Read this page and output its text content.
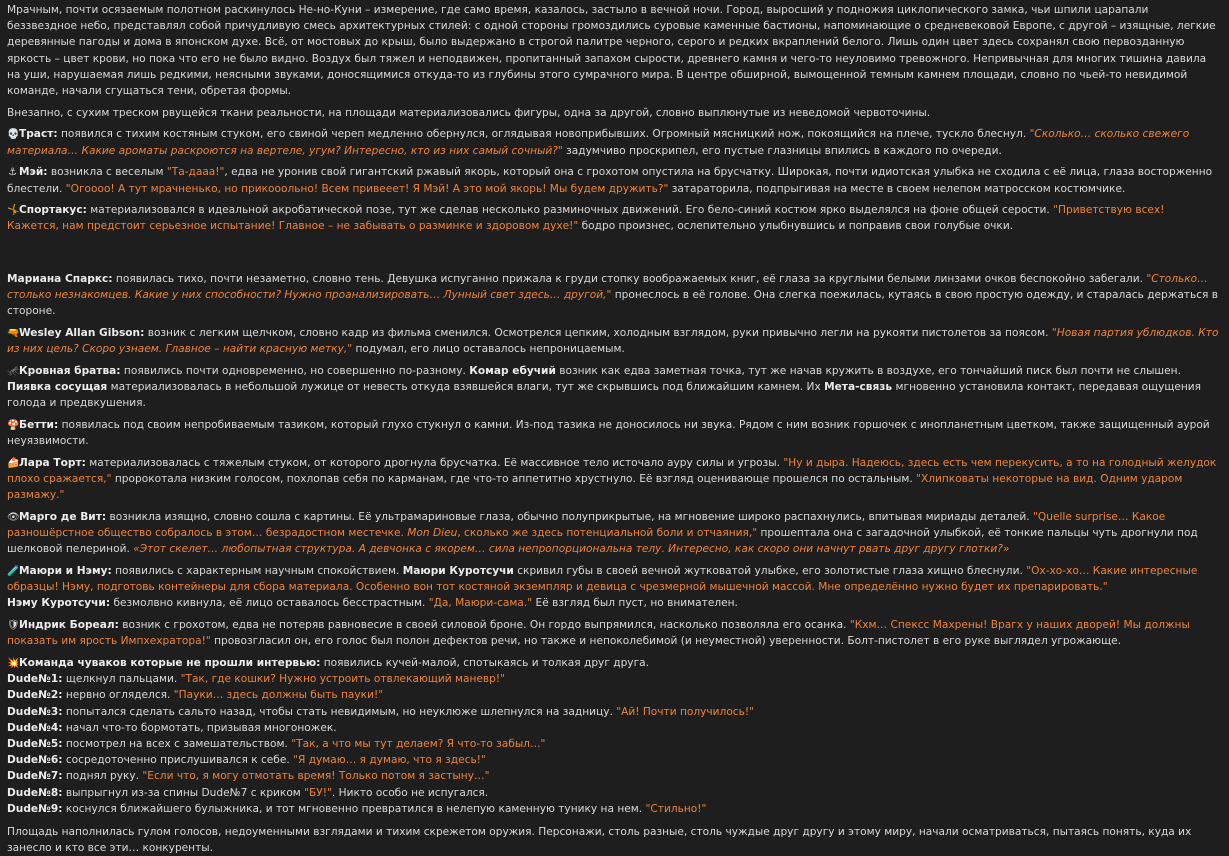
Мрачным, почти осязаемым полотном раскинулось Не-но-Куни – измерение, где само время, казалось, застыло в вечной ночи. Город, выросший у подножия циклопического замка, чьи шпили царапали беззвездное небо, представлял собой причудливую смесь архитектурных стилей: с одной стороны громоздились суровые каменные бастионы, напоминающие о средневековой Европе, с другой – изящные, легкие деревянные пагоды и дома в японском духе. Всё, от мостовых до крыш, было выдержано в строгой палитре черного, серого и редких вкраплений белого. Лишь один цвет здесь сохранял свою первозданную яркость – цвет крови, но пока что его не было видно. Воздух был тяжел и неподвижен, пропитанный запахом сырости, древнего камня и чего-то неуловимо тревожного. Непривычная для многих тишина давила на уши, нарушаемая лишь редкими, неясными звуками, доносящимися откуда-то из глубины этого сумрачного мира. В центре обширной, вымощенной темным камнем площади, словно по чьей-то невидимой команде, начали сгущаться тени, обретая формы.

Внезапно, с сухим треском рвущейся ткани реальности, на площади материализовались фигуры, одна за другой, словно выплюнутые из неведомой червоточины.

💀Траст: появился с тихим костяным стуком, его свиной череп медленно обернулся, оглядывая новоприбывших. Огромный мясницкий нож, покоящийся на плече, тускло блеснул. "Сколько… сколько свежего материала… Какие ароматы раскроются на вертеле, угум? Интересно, кто из них самый сочный?" задумчиво проскрипел, его пустые глазницы впились в каждого по очереди.

⚓ Мэй: возникла с веселым "Та-дааа!", едва не уронив свой гигантский ржавый якорь, который она с грохотом опустила на брусчатку. Широкая, почти идиотская улыбка не сходила с её лица, глаза восторженно блестели. "Огоооо! А тут мрачненько, но прикоoольно! Всем привееет! Я Мэй! А это мой якорь! Мы будем дружить?" затараторила, подпрыгивая на месте в своем нелепом матросском костюмчике.

🤸Спортакус: материализовался в идеальной акробатической позе, тут же сделав несколько разминочных движений. Его бело-синий костюм ярко выделялся на фоне общей серости. "Приветствую всех! Кажется, нам предстоит серьезное испытание! Главное – не забывать о разминке и здоровом духе!" бодро произнес, ослепительно улыбнувшись и поправив свои голубые очки.

Мариана Спаркс: появилась тихо, почти незаметно, словно тень. Девушка испуганно прижала к груди стопку воображаемых книг, её глаза за круглыми белыми линзами очков беспокойно забегали. "Столько… столько незнакомцев. Какие у них способности? Нужно проанализировать… Лунный свет здесь… другой," пронеслось в её голове. Она слегка поежилась, кутаясь в свою простую одежду, и старалась держаться в стороне.

🔫Wesley Allan Gibson: возник с легким щелчком, словно кадр из фильма сменился. Осмотрелся цепким, холодным взглядом, руки привычно легли на рукояти пистолетов за поясом. "Новая партия ублюдков. Кто из них цель? Скоро узнаем. Главное – найти красную метку," подумал, его лицо оставалось непроницаемым.

🦟Кровная братва: появились почти одновременно, но совершенно по-разному. Комар ебучий возник как едва заметная точка, тут же начав кружить в воздухе, его тончайший писк был почти не слышен. Пиявка сосущая материализовалась в небольшой лужице от невесть откуда взявшейся влаги, тут же скрывшись под ближайшим камнем. Их Мета-связь мгновенно установила контакт, передавая ощущения голода и предвкушения.

🍄Бетти: появилась под своим непробиваемым тазиком, который глухо стукнул о камни. Из-под тазика не доносилось ни звука. Рядом с ним возник горшочек с инопланетным цветком, также защищенный аурой неуязвимости.

🍰Лара Торт: материализовалась с тяжелым стуком, от которого дрогнула брусчатка. Её массивное тело источало ауру силы и угрозы. "Ну и дыра. Надеюсь, здесь есть чем перекусить, а то на голодный желудок плохо сражается," пророкотала низким голосом, похлопав себя по карманам, где что-то аппетитно хрустнуло. Её взгляд оценивающе прошелся по остальным. "Хлипковаты некоторые на вид. Одним ударом размажу."

👁Марго де Вит: возникла изящно, словно сошла с картины. Её ультрамариновые глаза, обычно полуприкрытые, на мгновение широко распахнулись, впитывая мириады деталей. "Quelle surprise… Какое разношёрстное общество собралось в этом… безрадостном местечке. Mon Dieu, сколько же здесь потенциальной боли и отчаяния," прошептала она с загадочной улыбкой, её тонкие пальцы чуть дрогнули под шелковой пелериной. «Этот скелет… любопытная структура. А девчонка с якорем… сила непропорциональна телу. Интересно, как скоро они начнут рвать друг другу глотки?»

🧪Маюри и Нэму: появились с характерным научным спокойствием. Маюри Куротсучи скривил губы в своей вечной жутковатой улыбке, его золотистые глаза хищно блеснули. "Ох-хо-хо… Какие интересные образцы! Нэму, подготовь контейнеры для сбора материала. Особенно вон тот костяной экземпляр и девица с чрезмерной мышечной массой. Мне определённо нужно будет их препарировать."
Нэму Куротсучи: безмолвно кивнула, её лицо оставалось бесстрастным. "Да, Маюри-сама." Её взгляд был пуст, но внимателен.

🛡Индрик Бореал: возник с грохотом, едва не потеряв равновесие в своей силовой броне. Он гордо выпрямился, насколько позволяла его осанка. "Кхм… Спексс Махрены! Врагх у наших дворей! Мы должны показать им ярость Импхехратора!" провозгласил он, его голос был полон дефектов речи, но также и непоколебимой (и неуместной) уверенности. Болт-пистолет в его руке выглядел угрожающе.

💥Команда чуваков которые не прошли интервью: появились кучей-малой, спотыкаясь и толкая друг друга.

Dude№1: щелкнул пальцами. "Так, где кошки? Нужно устроить отвлекающий маневр!"

Dude№2: нервно огляделся. "Пауки… здесь должны быть пауки!"

Dude№3: попытался сделать сальто назад, чтобы стать невидимым, но неуклюже шлепнулся на задницу. "Ай! Почти получилось!"

Dude№4: начал что-то бормотать, призывая многоножек.

Dude№5: посмотрел на всех с замешательством. "Так, а что мы тут делаем? Я что-то забыл…"

Dude№6: сосредоточенно прислушивался к себе. "Я думаю… я думаю, что я здесь!"

Dude№7: поднял руку. "Если что, я могу отмотать время! Только потом я застыну…"

Dude№8: выпрыгнул из-за спины Dude№7 с криком "БУ!". Никто особо не испугался.

Dude№9: коснулся ближайшего булыжника, и тот мгновенно превратился в нелепую каменную тунику на нем. "Стильно!"

Площадь наполнилась гулом голосов, недоуменными взглядами и тихим скрежетом оружия. Персонажи, столь разные, столь чуждые друг другу и этому миру, начали осматриваться, пытаясь понять, куда их занесло и кто все эти… конкуренты.
